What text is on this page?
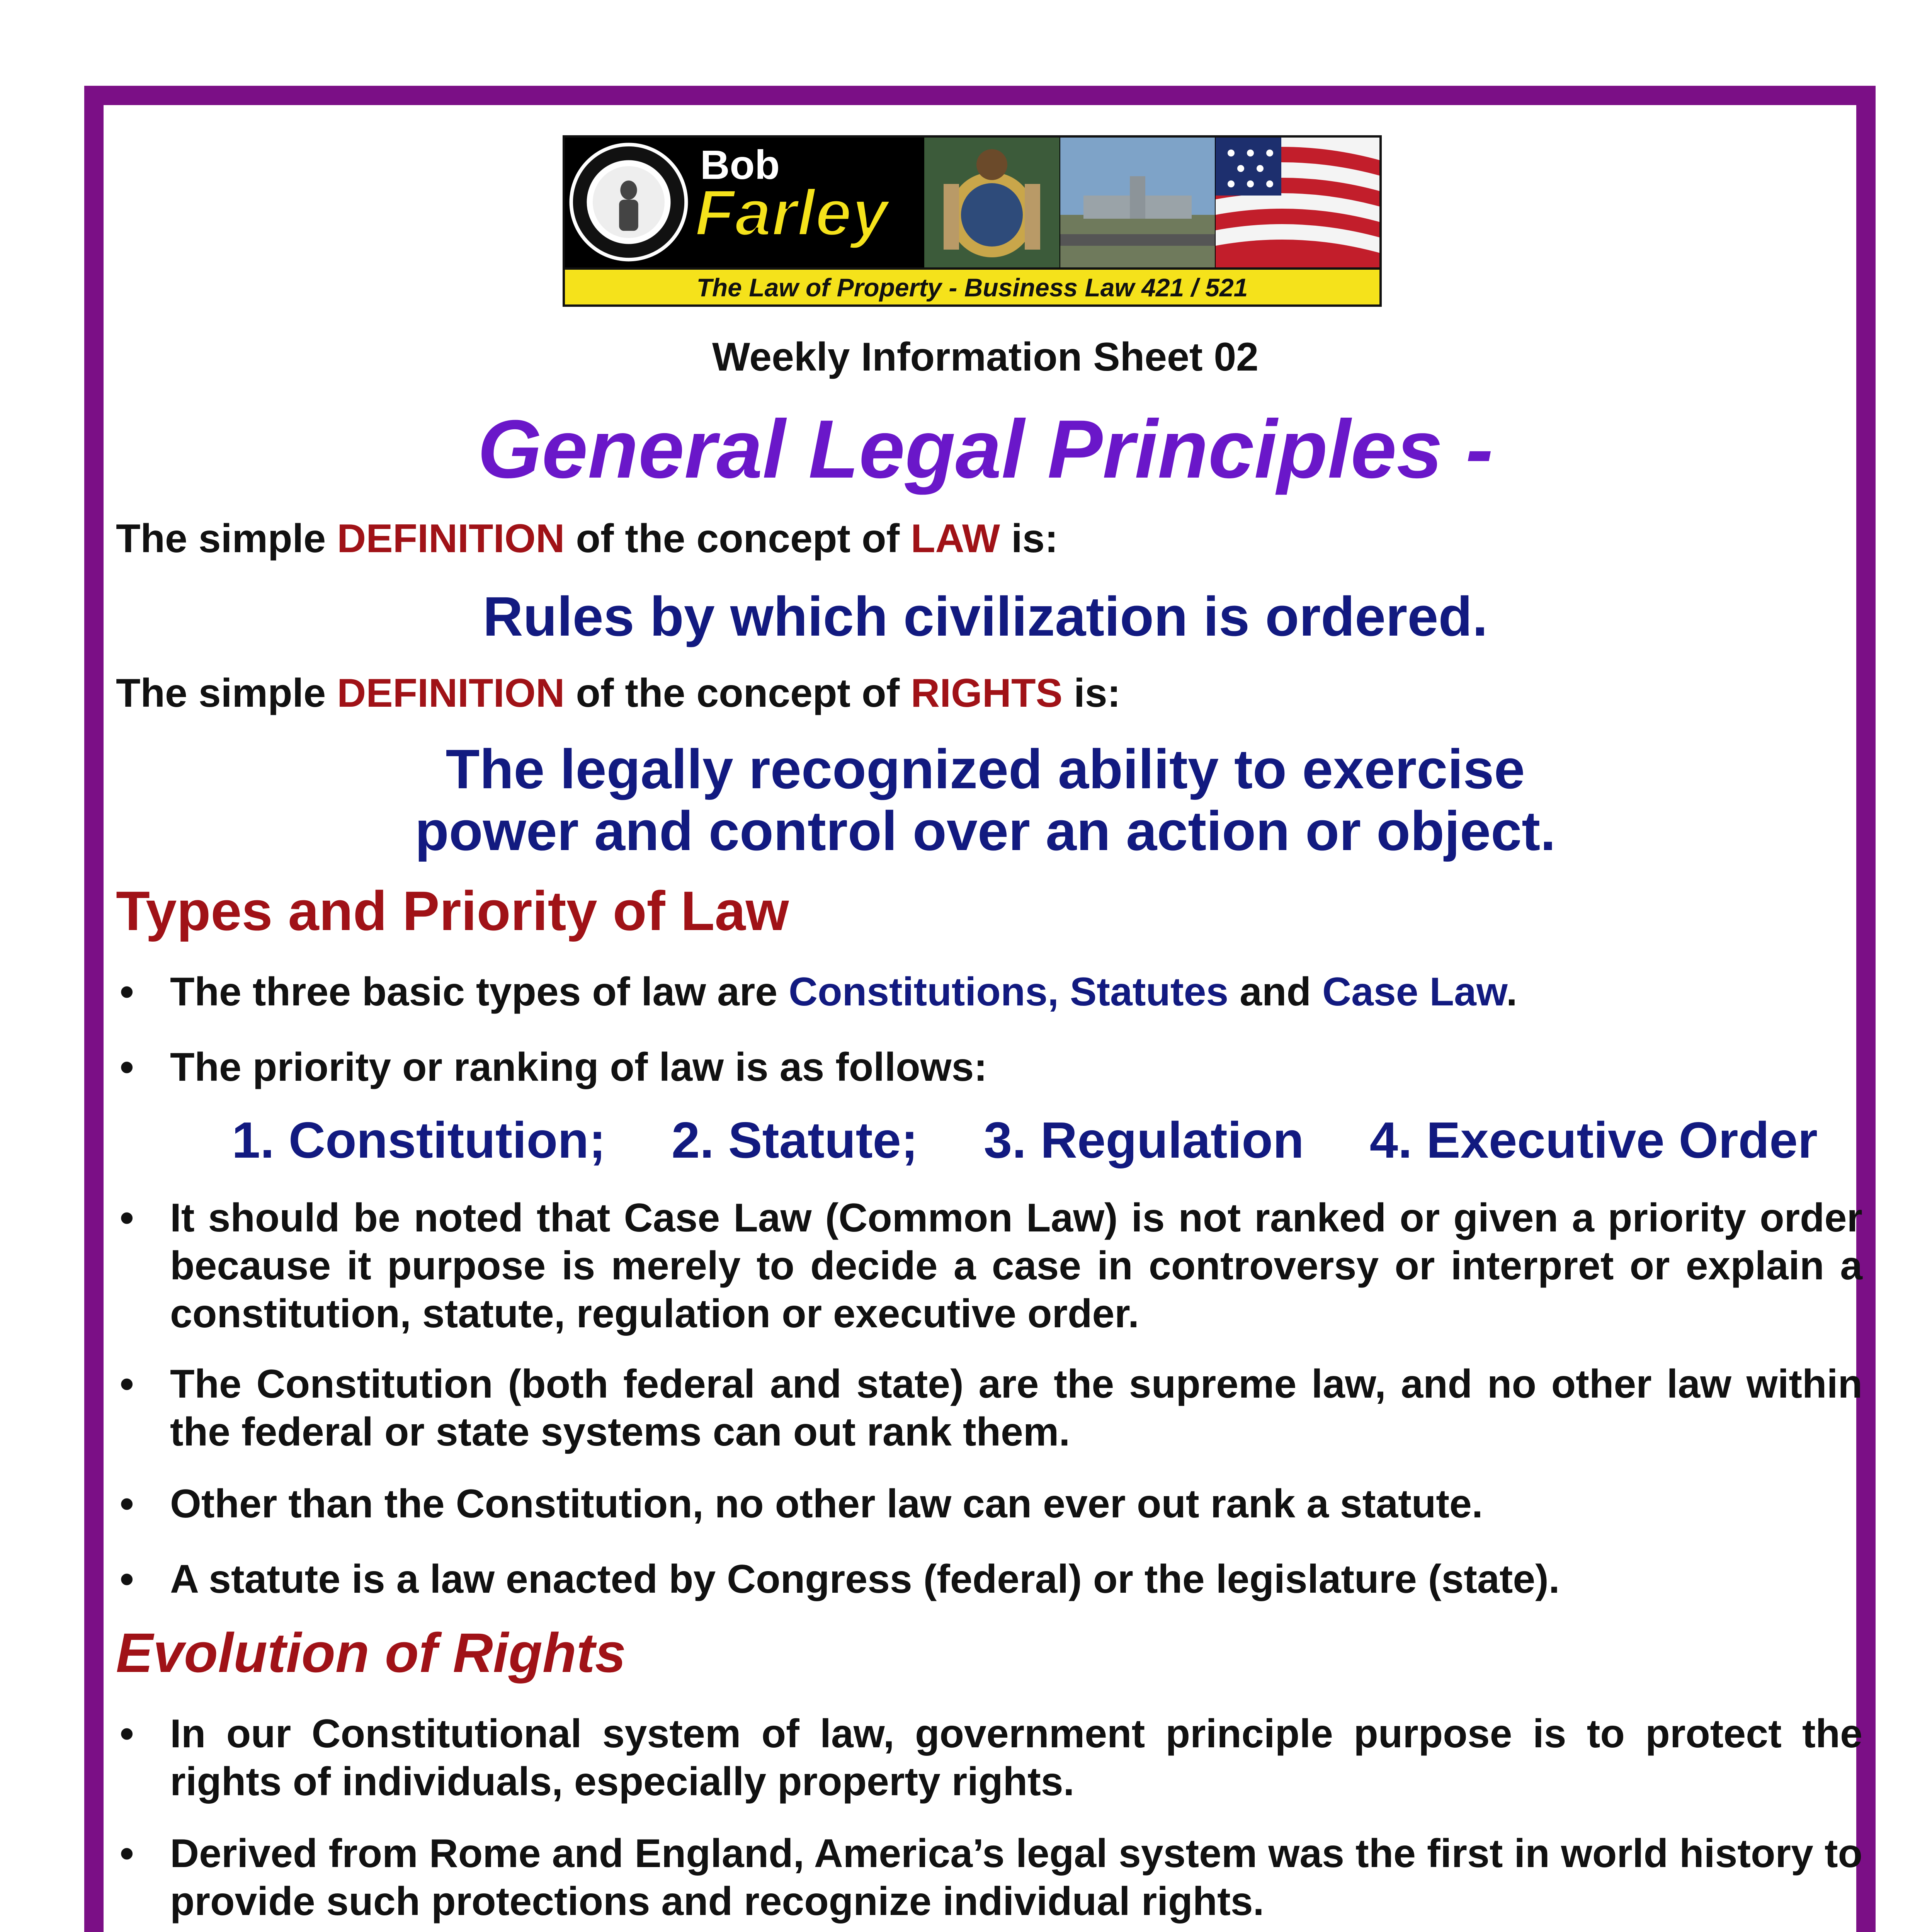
Bob
Farley
The Law of Property - Business Law 421 / 521

Weekly Information Sheet 02

General Legal Principles -

The simple DEFINITION of the concept of LAW is:

Rules by which civilization is ordered.

The simple DEFINITION of the concept of RIGHTS is:

The legally recognized ability to exercise

power and control over an action or object.

Types and Priority of Law

• The three basic types of law are Constitutions, Statutes and Case Law.
• The priority or ranking of law is as follows:
1. Constitution; 2. Statute; 3. Regulation 4. Executive Order
• It should be noted that Case Law (Common Law) is not ranked or given a priority order because it purpose is merely to decide a case in controversy or interpret or explain a constitution, statute, regulation or executive order.
• The Constitution (both federal and state) are the supreme law, and no other law within the federal or state systems can out rank them.
• Other than the Constitution, no other law can ever out rank a statute.
• A statute is a law enacted by Congress (federal) or the legislature (state).

Evolution of Rights

• In our Constitutional system of law, government principle purpose is to protect the rights of individuals, especially property rights.
• Derived from Rome and England, America’s legal system was the first in world history to provide such protections and recognize individual rights.
